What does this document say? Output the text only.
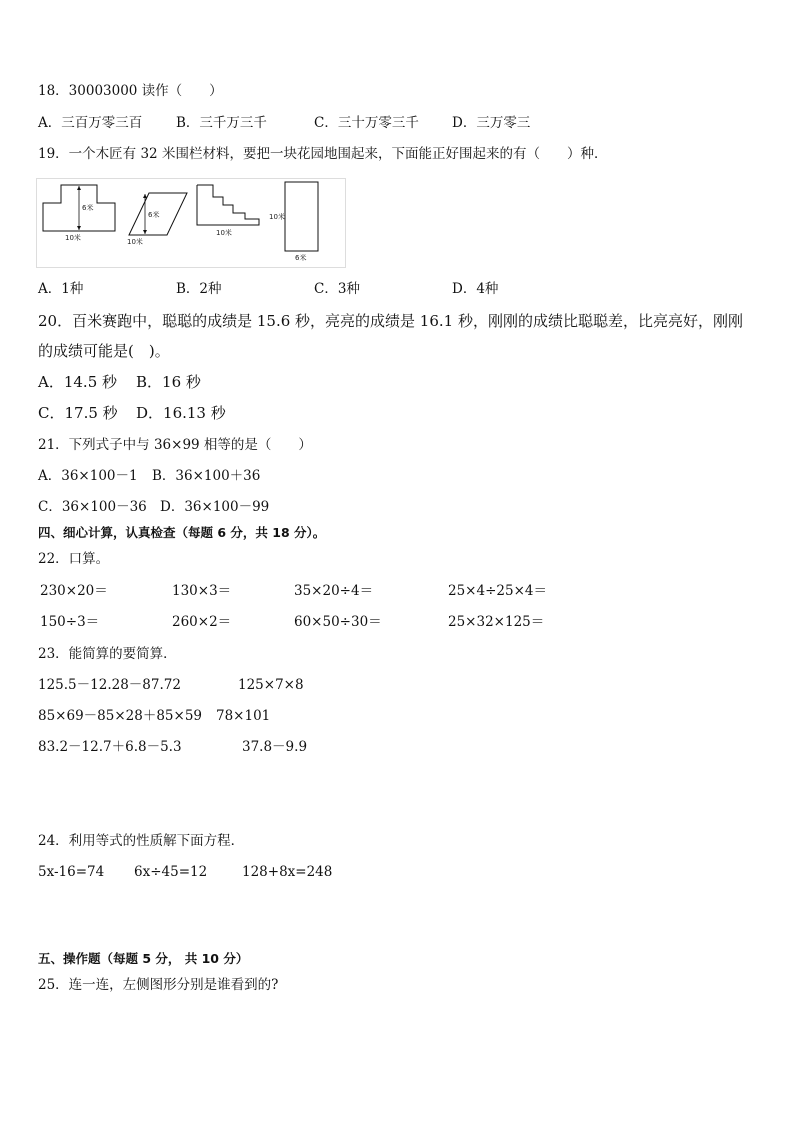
18．30003000 读作（　　）
A．三百万零三百	B．三千万三千	C．三十万零三千 D．三万零三
19．一个木匠有 32 米围栏材料，要把一块花园地围起来，下面能正好围起来的有（　　）种．
6米
10米
6米
10米
10米
10米
6米
A．1种	B．2种	C．3种	D．4种
20．百米赛跑中，聪聪的成绩是 15.6 秒，亮亮的成绩是 16.1 秒，刚刚的成绩比聪聪差，比亮亮好，刚刚
的成绩可能是(　)。
A．14.5 秒 B．16 秒
C．17.5 秒 D．16.13 秒
21．下列式子中与 36×99 相等的是（　　）
A．36×100－1 B．36×100＋36
C．36×100－36 D．36×100－99
四、细心计算，认真检查（每题 6 分，共 18 分）。
22．口算。
230×20＝	130×3＝	35×20÷4＝	25×4÷25×4＝
150÷3＝	260×2＝	60×50÷30＝	25×32×125＝
23．能简算的要简算．
125.5－12.28－87.72	125×7×8
85×69－85×28＋85×59 78×101
83.2－12.7＋6.8－5.3	37.8－9.9
24．利用等式的性质解下面方程．
5x-16=74 6x÷45=12	128+8x=248
五、操作题（每题 5 分， 共 10 分）
25．连一连，左侧图形分别是谁看到的?
